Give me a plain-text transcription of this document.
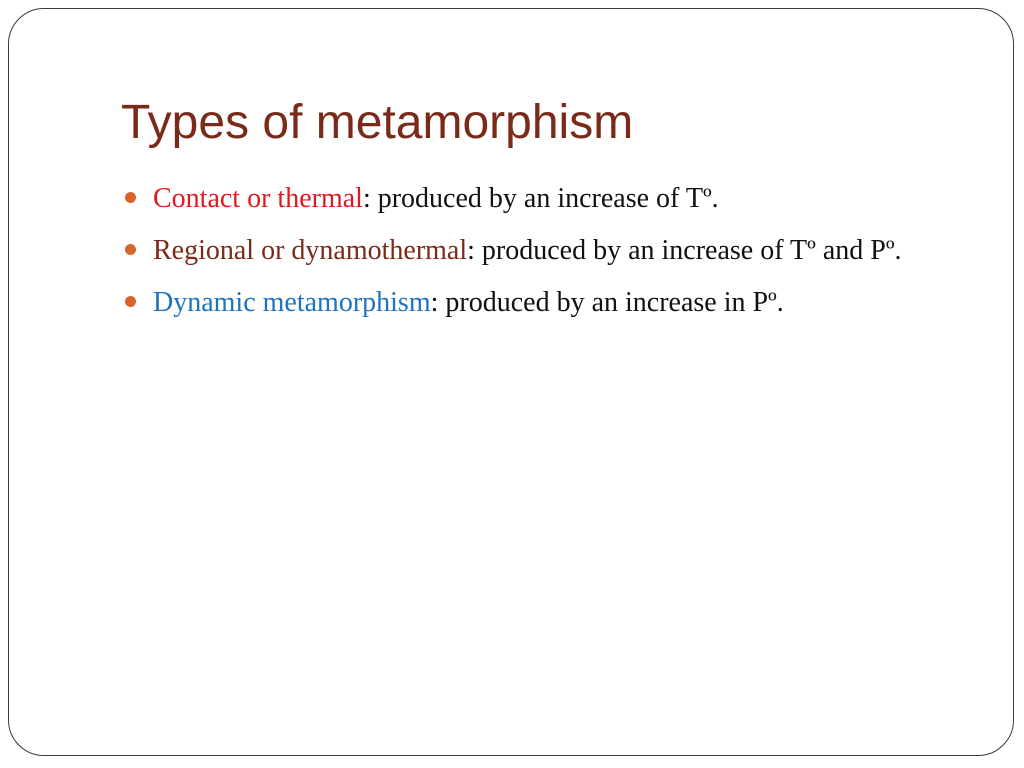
Types of metamorphism
Contact or thermal: produced by an increase of Tº.
Regional or dynamothermal: produced by an increase of Tº and Pº.
Dynamic metamorphism: produced by an increase in Pº.
